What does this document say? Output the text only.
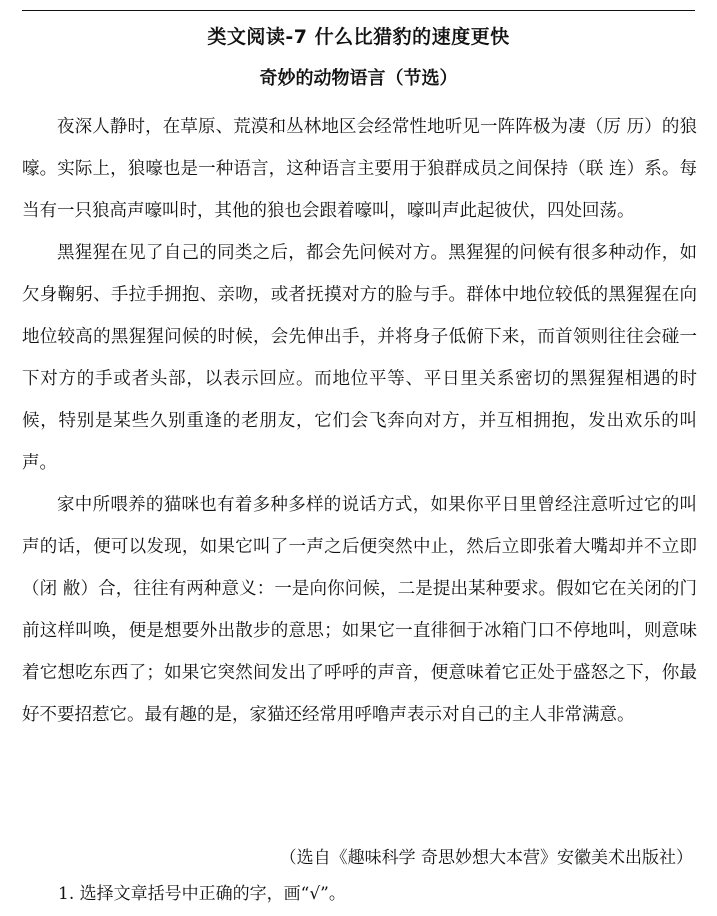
类文阅读-7 什么比猎豹的速度更快
奇妙的动物语言（节选）

夜深人静时，在草原、荒漠和丛林地区会经常性地听见一阵阵极为凄（厉 历）的狼嚎。实际上，狼嚎也是一种语言，这种语言主要用于狼群成员之间保持（联 连）系。每当有一只狼高声嚎叫时，其他的狼也会跟着嚎叫，嚎叫声此起彼伏，四处回荡。

黑猩猩在见了自己的同类之后，都会先问候对方。黑猩猩的问候有很多种动作，如欠身鞠躬、手拉手拥抱、亲吻，或者抚摸对方的脸与手。群体中地位较低的黑猩猩在向地位较高的黑猩猩问候的时候，会先伸出手，并将身子低俯下来，而首领则往往会碰一下对方的手或者头部，以表示回应。而地位平等、平日里关系密切的黑猩猩相遇的时候，特别是某些久别重逢的老朋友，它们会飞奔向对方，并互相拥抱，发出欢乐的叫声。

家中所喂养的猫咪也有着多种多样的说话方式，如果你平日里曾经注意听过它的叫声的话，便可以发现，如果它叫了一声之后便突然中止，然后立即张着大嘴却并不立即（闭 敝）合，往往有两种意义：一是向你问候，二是提出某种要求。假如它在关闭的门前这样叫唤，便是想要外出散步的意思；如果它一直徘徊于冰箱门口不停地叫，则意味着它想吃东西了；如果它突然间发出了呼呼的声音，便意味着它正处于盛怒之下，你最好不要招惹它。最有趣的是，家猫还经常用呼噜声表示对自己的主人非常满意。

（选自《趣味科学 奇思妙想大本营》安徽美术出版社）
1. 选择文章括号中正确的字，画“√”。
